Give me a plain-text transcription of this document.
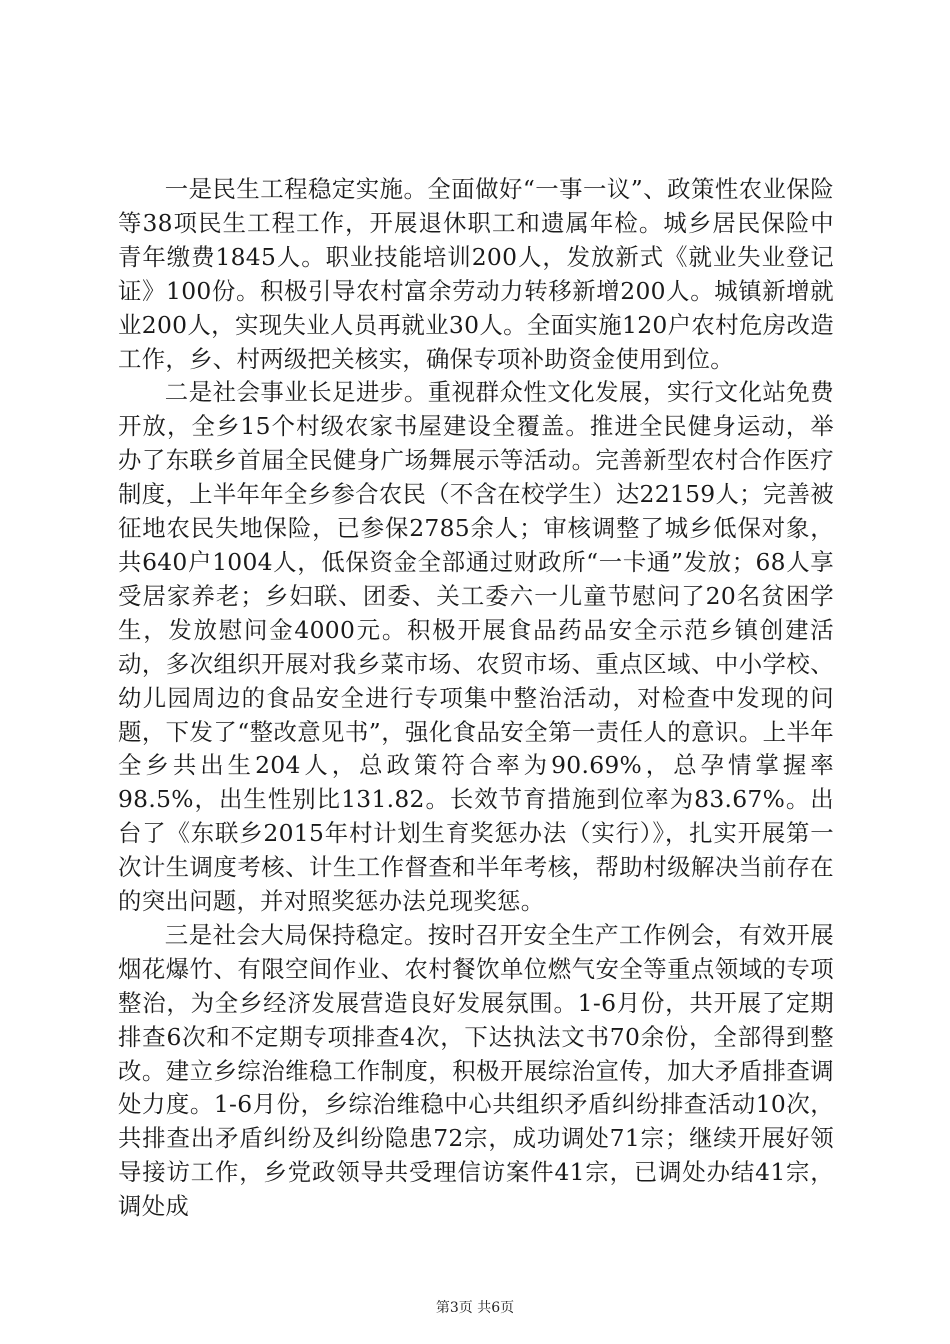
一是民生工程稳定实施。全面做好“一事一议”、政策性农业保险等38项民生工程工作，开展退休职工和遗属年检。城乡居民保险中青年缴费1845人。职业技能培训200人，发放新式《就业失业登记证》100份。积极引导农村富余劳动力转移新增200人。城镇新增就业200人，实现失业人员再就业30人。全面实施120户农村危房改造工作，乡、村两级把关核实，确保专项补助资金使用到位。

二是社会事业长足进步。重视群众性文化发展，实行文化站免费开放，全乡15个村级农家书屋建设全覆盖。推进全民健身运动，举办了东联乡首届全民健身广场舞展示等活动。完善新型农村合作医疗制度，上半年年全乡参合农民（不含在校学生）达22159人；完善被征地农民失地保险，已参保2785余人；审核调整了城乡低保对象，共640户1004人，低保资金全部通过财政所“一卡通”发放；68人享受居家养老；乡妇联、团委、关工委六一儿童节慰问了20名贫困学生，发放慰问金4000元。积极开展食品药品安全示范乡镇创建活动，多次组织开展对我乡菜市场、农贸市场、重点区域、中小学校、幼儿园周边的食品安全进行专项集中整治活动，对检查中发现的问题，下发了“整改意见书”，强化食品安全第一责任人的意识。上半年全乡共出生204人，总政策符合率为90.69%，总孕情掌握率98.5%，出生性别比131.82。长效节育措施到位率为83.67%。出台了《东联乡2015年村计划生育奖惩办法（实行）》，扎实开展第一次计生调度考核、计生工作督查和半年考核，帮助村级解决当前存在的突出问题，并对照奖惩办法兑现奖惩。

三是社会大局保持稳定。按时召开安全生产工作例会，有效开展烟花爆竹、有限空间作业、农村餐饮单位燃气安全等重点领域的专项整治，为全乡经济发展营造良好发展氛围。1-6月份，共开展了定期排查6次和不定期专项排查4次，下达执法文书70余份，全部得到整改。建立乡综治维稳工作制度，积极开展综治宣传，加大矛盾排查调处力度。1-6月份，乡综治维稳中心共组织矛盾纠纷排查活动10次，共排查出矛盾纠纷及纠纷隐患72宗，成功调处71宗；继续开展好领导接访工作，乡党政领导共受理信访案件41宗，已调处办结41宗，调处成

第3页 共6页
